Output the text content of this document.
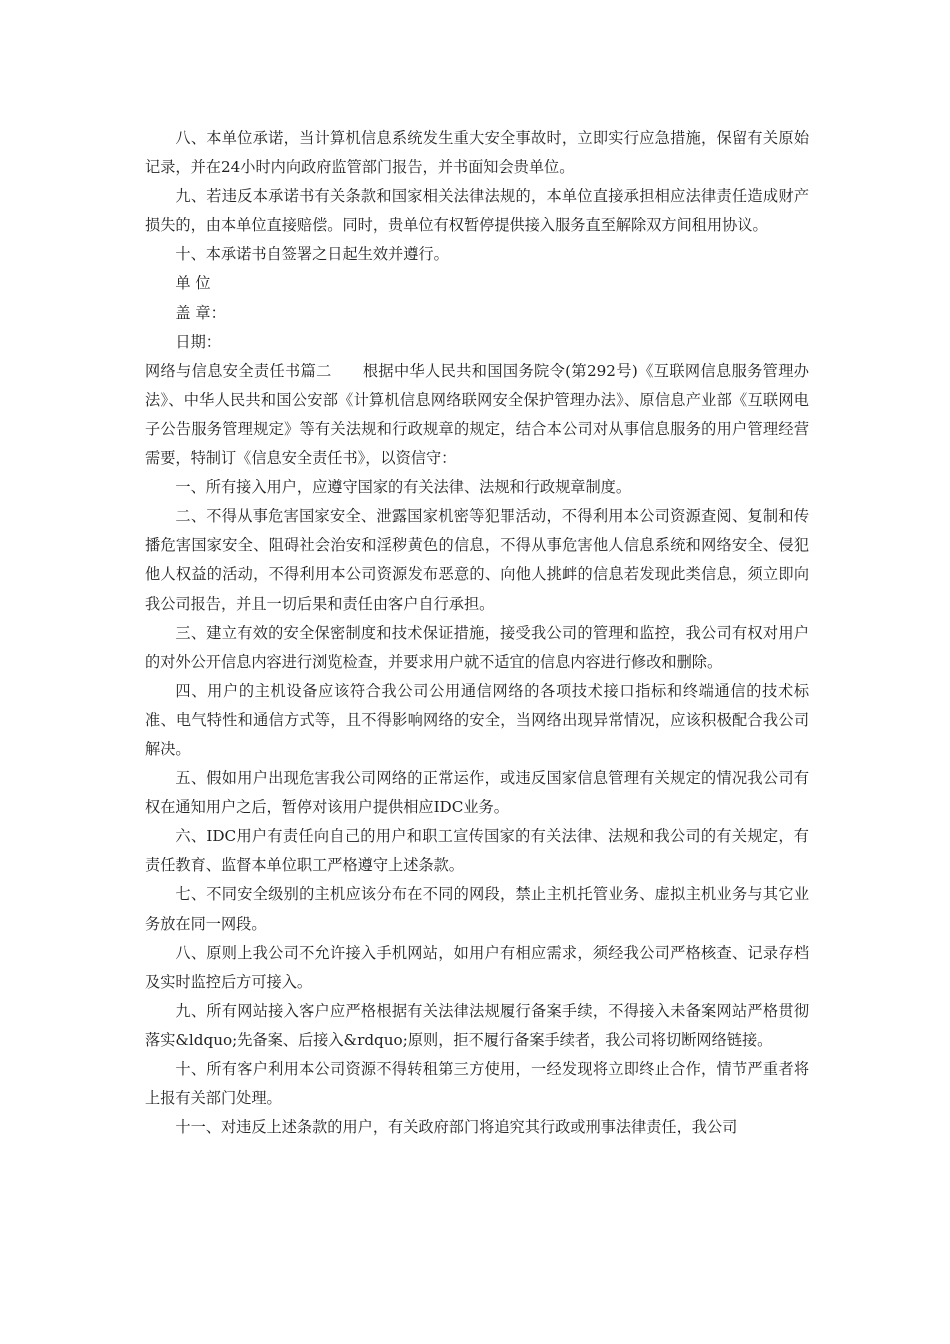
八、本单位承诺，当计算机信息系统发生重大安全事故时，立即实行应急措施，保留有关原始记录，并在24小时内向政府监管部门报告，并书面知会贵单位。

九、若违反本承诺书有关条款和国家相关法律法规的，本单位直接承担相应法律责任造成财产损失的，由本单位直接赔偿。同时，贵单位有权暂停提供接入服务直至解除双方间租用协议。

十、本承诺书自签署之日起生效并遵行。

单 位

盖 章：

日期：

网络与信息安全责任书篇二　　根据中华人民共和国国务院令(第292号)《互联网信息服务管理办法》、中华人民共和国公安部《计算机信息网络联网安全保护管理办法》、原信息产业部《互联网电子公告服务管理规定》等有关法规和行政规章的规定，结合本公司对从事信息服务的用户管理经营需要，特制订《信息安全责任书》，以资信守：

一、所有接入用户，应遵守国家的有关法律、法规和行政规章制度。

二、不得从事危害国家安全、泄露国家机密等犯罪活动，不得利用本公司资源查阅、复制和传播危害国家安全、阻碍社会治安和淫秽黄色的信息，不得从事危害他人信息系统和网络安全、侵犯他人权益的活动，不得利用本公司资源发布恶意的、向他人挑衅的信息若发现此类信息，须立即向我公司报告，并且一切后果和责任由客户自行承担。

三、建立有效的安全保密制度和技术保证措施，接受我公司的管理和监控，我公司有权对用户的对外公开信息内容进行浏览检查，并要求用户就不适宜的信息内容进行修改和删除。

四、用户的主机设备应该符合我公司公用通信网络的各项技术接口指标和终端通信的技术标准、电气特性和通信方式等，且不得影响网络的安全，当网络出现异常情况，应该积极配合我公司解决。

五、假如用户出现危害我公司网络的正常运作，或违反国家信息管理有关规定的情况我公司有权在通知用户之后，暂停对该用户提供相应IDC业务。

六、IDC用户有责任向自己的用户和职工宣传国家的有关法律、法规和我公司的有关规定，有责任教育、监督本单位职工严格遵守上述条款。

七、不同安全级别的主机应该分布在不同的网段，禁止主机托管业务、虚拟主机业务与其它业务放在同一网段。

八、原则上我公司不允许接入手机网站，如用户有相应需求，须经我公司严格核查、记录存档及实时监控后方可接入。

九、所有网站接入客户应严格根据有关法律法规履行备案手续，不得接入未备案网站严格贯彻落实&ldquo;先备案、后接入&rdquo;原则，拒不履行备案手续者，我公司将切断网络链接。

十、所有客户利用本公司资源不得转租第三方使用，一经发现将立即终止合作，情节严重者将上报有关部门处理。

十一、对违反上述条款的用户，有关政府部门将追究其行政或刑事法律责任，我公司
